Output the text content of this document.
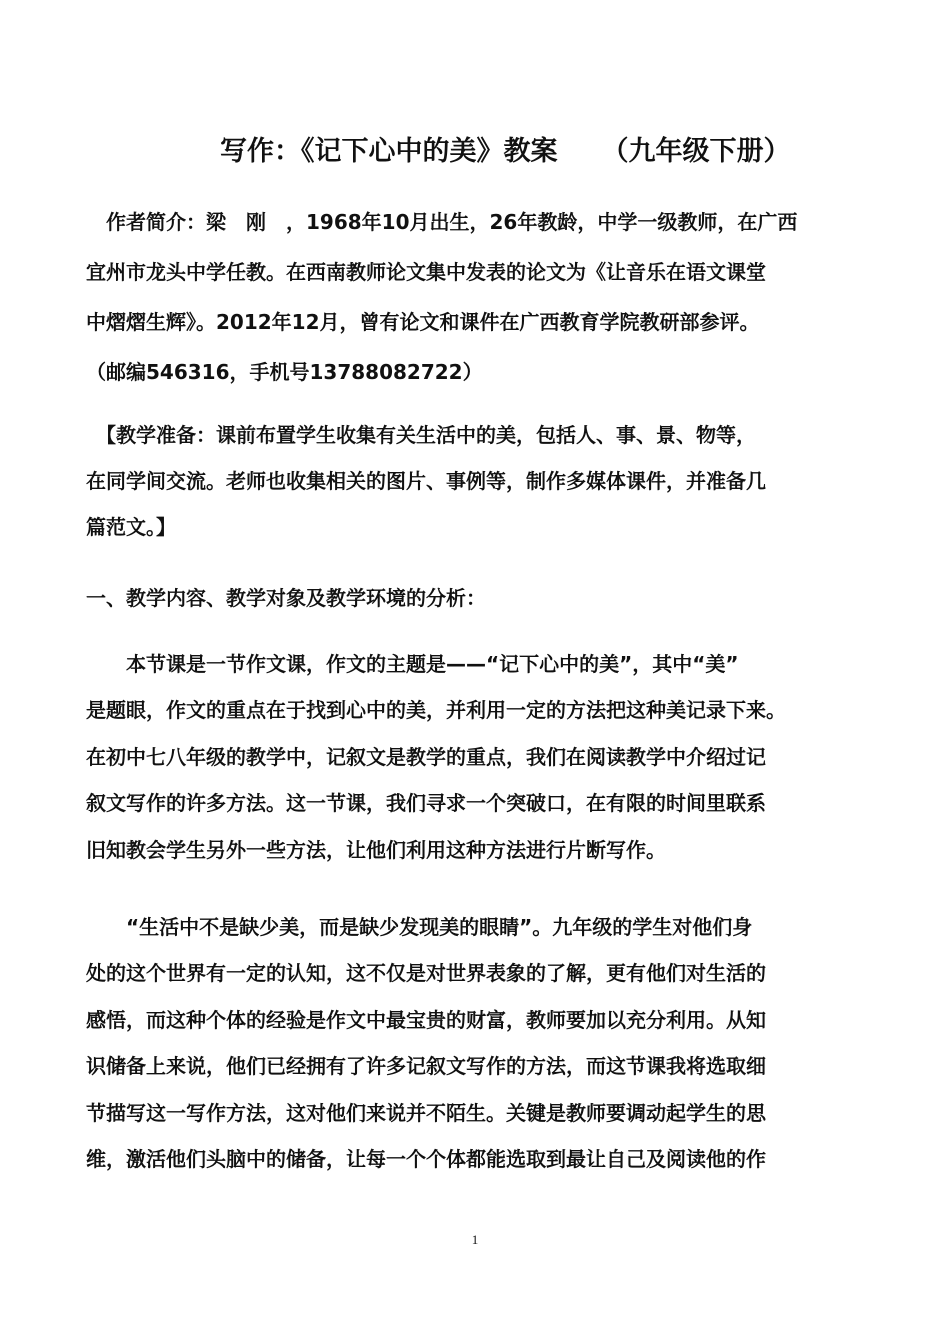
写作：《记下心中的美》教案 （九年级下册）
　作者简介：梁　刚　，1968年10月出生，26年教龄，中学一级教师，在广西
宜州市龙头中学任教。在西南教师论文集中发表的论文为《让音乐在语文课堂
中熠熠生辉》。2012年12月，曾有论文和课件在广西教育学院教研部参评。
（邮编546316，手机号13788082722）
　【教学准备：课前布置学生收集有关生活中的美，包括人、事、景、物等，
在同学间交流。老师也收集相关的图片、事例等，制作多媒体课件，并准备几
篇范文。】
一、教学内容、教学对象及教学环境的分析：
　　本节课是一节作文课，作文的主题是——“记下心中的美”，其中“美”
是题眼，作文的重点在于找到心中的美，并利用一定的方法把这种美记录下来。
在初中七八年级的教学中，记叙文是教学的重点，我们在阅读教学中介绍过记
叙文写作的许多方法。这一节课，我们寻求一个突破口，在有限的时间里联系
旧知教会学生另外一些方法，让他们利用这种方法进行片断写作。
　　“生活中不是缺少美，而是缺少发现美的眼睛”。九年级的学生对他们身
处的这个世界有一定的认知，这不仅是对世界表象的了解，更有他们对生活的
感悟，而这种个体的经验是作文中最宝贵的财富，教师要加以充分利用。从知
识储备上来说，他们已经拥有了许多记叙文写作的方法，而这节课我将选取细
节描写这一写作方法，这对他们来说并不陌生。关键是教师要调动起学生的思
维，激活他们头脑中的储备，让每一个个体都能选取到最让自己及阅读他的作
1
